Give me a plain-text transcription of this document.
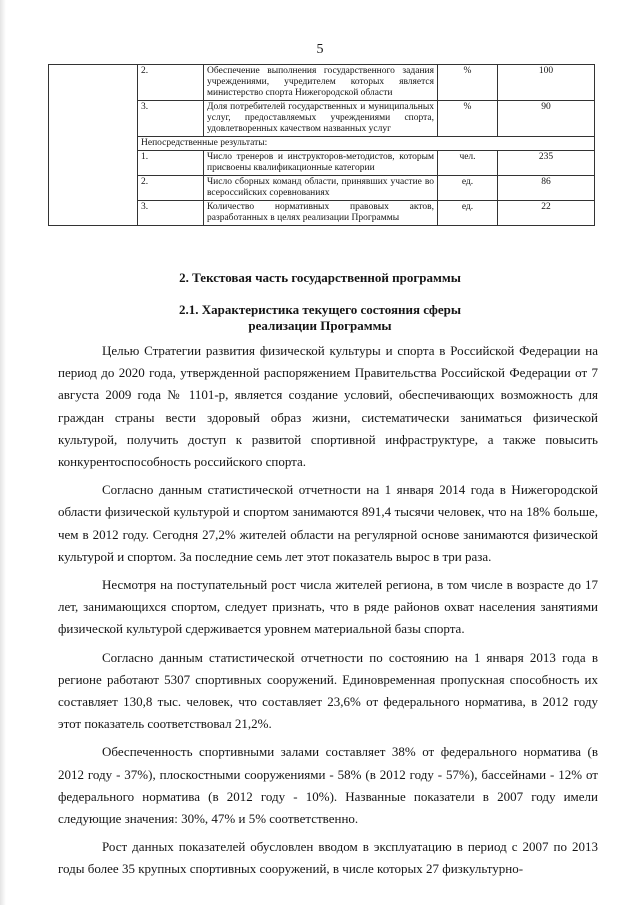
5
	2.	Обеспечение выполнения государственного задания учреждениями, учредителем которых является министерство спорта Нижегородской области	%	100
	3.	Доля потребителей государственных и муниципальных услуг, предоставляемых учреждениями спорта, удовлетворенных качеством названных услуг	%	90
	Непосредственные результаты:			
	1.	Число тренеров и инструкторов-методистов, которым присвоены квалификационные категории	чел.	235
	2.	Число сборных команд области, принявших участие во всероссийских соревнованиях	ед.	86
	3.	Количество нормативных правовых актов, разработанных в целях реализации Программы	ед.	22
2. Текстовая часть государственной программы
2.1. Характеристика текущего состояния сферы реализации Программы

Целью Стратегии развития физической культуры и спорта в Российской Федерации на период до 2020 года, утвержденной распоряжением Правительства Российской Федерации от 7 августа 2009 года № 1101-р, является создание условий, обеспечивающих возможность для граждан страны вести здоровый образ жизни, систематически заниматься физической культурой, получить доступ к развитой спортивной инфраструктуре, а также повысить конкурентоспособность российского спорта.

Согласно данным статистической отчетности на 1 января 2014 года в Нижегородской области физической культурой и спортом занимаются 891,4 тысячи человек, что на 18% больше, чем в 2012 году. Сегодня 27,2% жителей области на регулярной основе занимаются физической культурой и спортом. За последние семь лет этот показатель вырос в три раза.

Несмотря на поступательный рост числа жителей региона, в том числе в возрасте до 17 лет, занимающихся спортом, следует признать, что в ряде районов охват населения занятиями физической культурой сдерживается уровнем материальной базы спорта.

Согласно данным статистической отчетности по состоянию на 1 января 2013 года в регионе работают 5307 спортивных сооружений. Единовременная пропускная способность их составляет 130,8 тыс. человек, что составляет 23,6% от федерального норматива, в 2012 году этот показатель соответствовал 21,2%.

Обеспеченность спортивными залами составляет 38% от федерального норматива (в 2012 году - 37%), плоскостными сооружениями - 58% (в 2012 году - 57%), бассейнами - 12% от федерального норматива (в 2012 году - 10%). Названные показатели в 2007 году имели следующие значения: 30%, 47% и 5% соответственно.

Рост данных показателей обусловлен вводом в эксплуатацию в период с 2007 по 2013 годы более 35 крупных спортивных сооружений, в числе которых 27 физкультурно-
